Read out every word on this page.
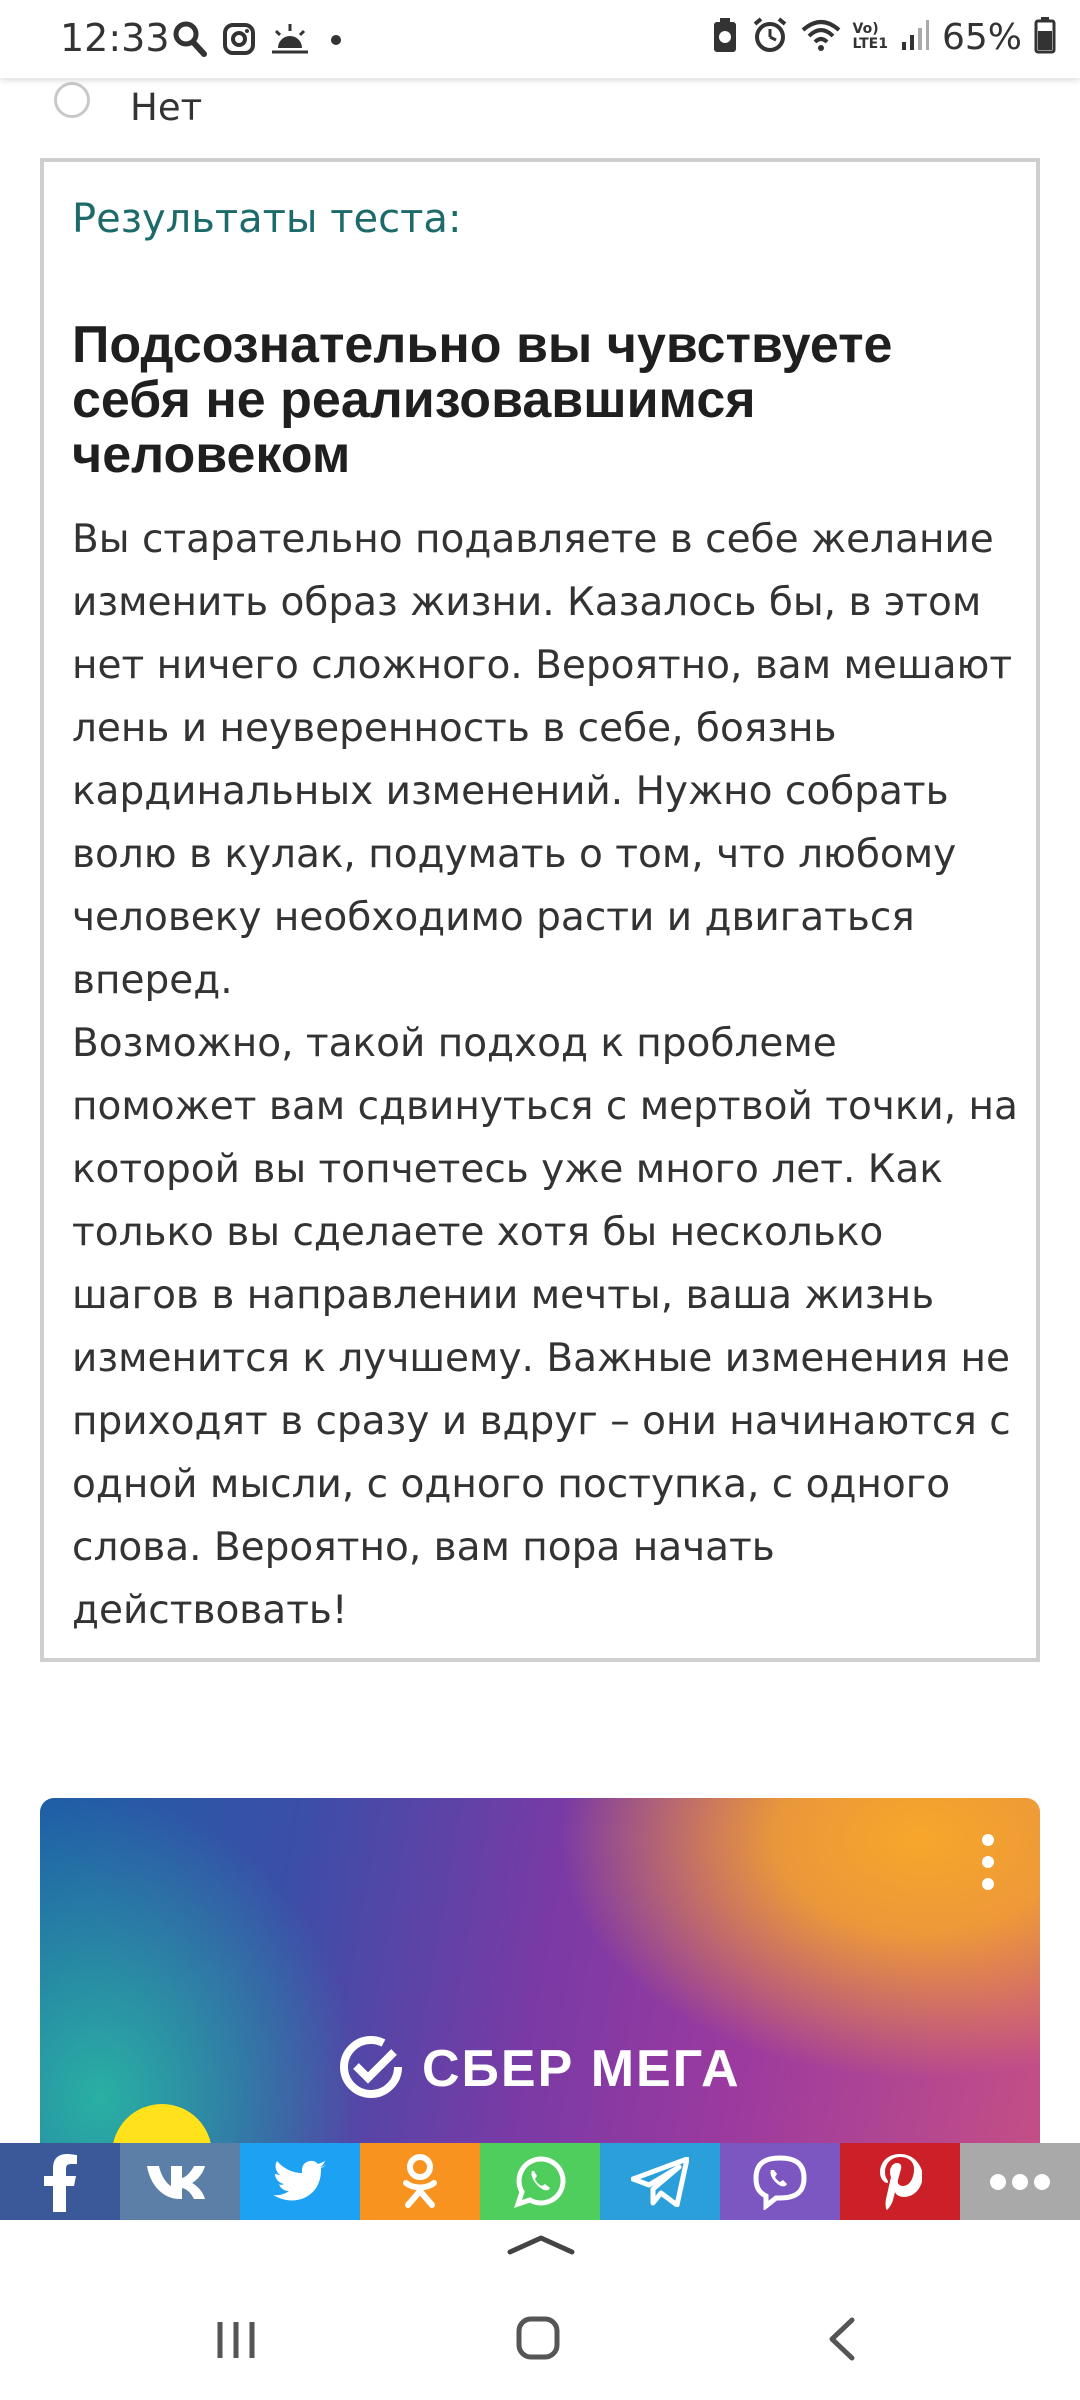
12:33	Vo)
LTE1 65%
Нет
Результаты теста:
Подсознательно вы чувствуете себя не реализовавшимся человеком

Вы старательно подавляете в себе желание изменить образ жизни. Казалось бы, в этом нет ничего сложного. Вероятно, вам мешают лень и неуверенность в себе, боязнь кардинальных изменений. Нужно собрать волю в кулак, подумать о том, что любому человеку необходимо расти и двигаться вперед.

Возможно, такой подход к проблеме поможет вам сдвинуться с мертвой точки, на которой вы топчетесь уже много лет. Как только вы сделаете хотя бы несколько шагов в направлении мечты, ваша жизнь изменится к лучшему. Важные изменения не приходят в сразу и вдруг – они начинаются с одной мысли, с одного поступка, с одного слова. Вероятно, вам пора начать действовать!

СБЕР МЕГА
